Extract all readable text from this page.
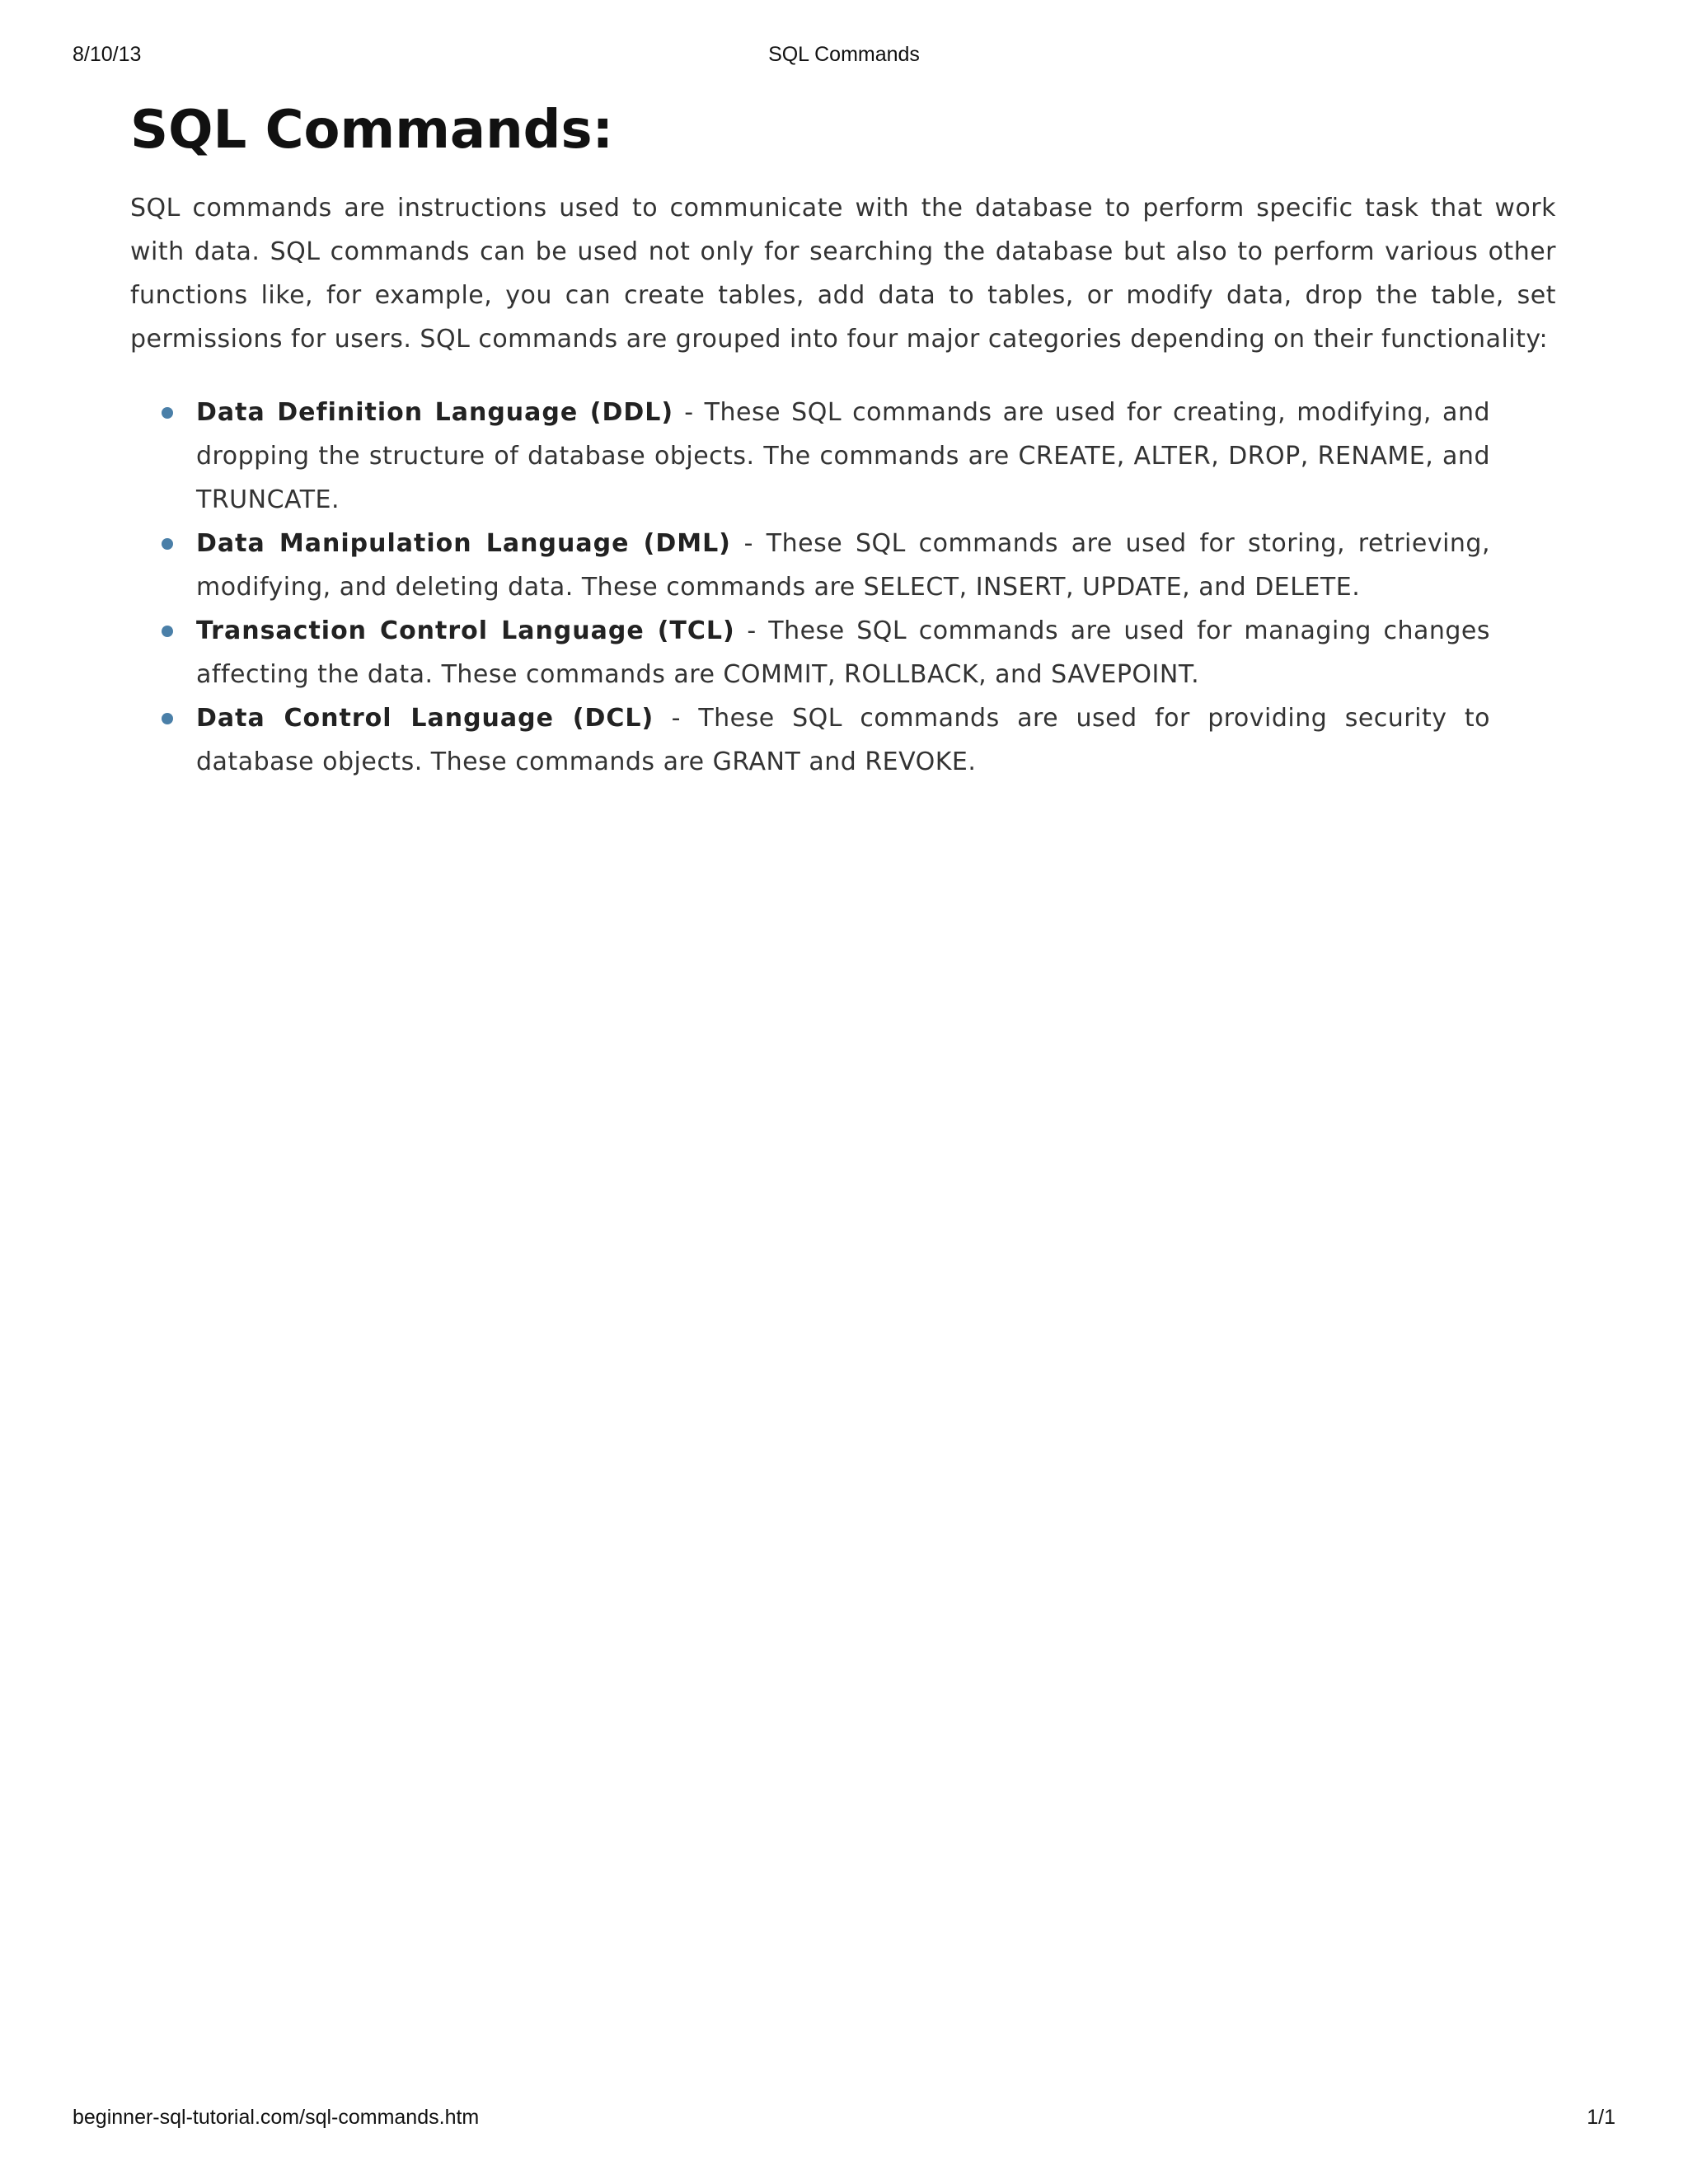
8/10/13	SQL Commands
SQL Commands:

SQL commands are instructions used to communicate with the database to perform specific task that work with data. SQL commands can be used not only for searching the database but also to perform various other functions like, for example, you can create tables, add data to tables, or modify data, drop the table, set permissions for users. SQL commands are grouped into four major categories depending on their functionality:

Data Definition Language (DDL) - These SQL commands are used for creating, modifying, and dropping the structure of database objects. The commands are CREATE, ALTER, DROP, RENAME, and TRUNCATE.
Data Manipulation Language (DML) - These SQL commands are used for storing, retrieving, modifying, and deleting data. These commands are SELECT, INSERT, UPDATE, and DELETE.
Transaction Control Language (TCL) - These SQL commands are used for managing changes affecting the data. These commands are COMMIT, ROLLBACK, and SAVEPOINT.
Data Control Language (DCL) - These SQL commands are used for providing security to database objects. These commands are GRANT and REVOKE.
beginner-sql-tutorial.com/sql-commands.htm	1/1
